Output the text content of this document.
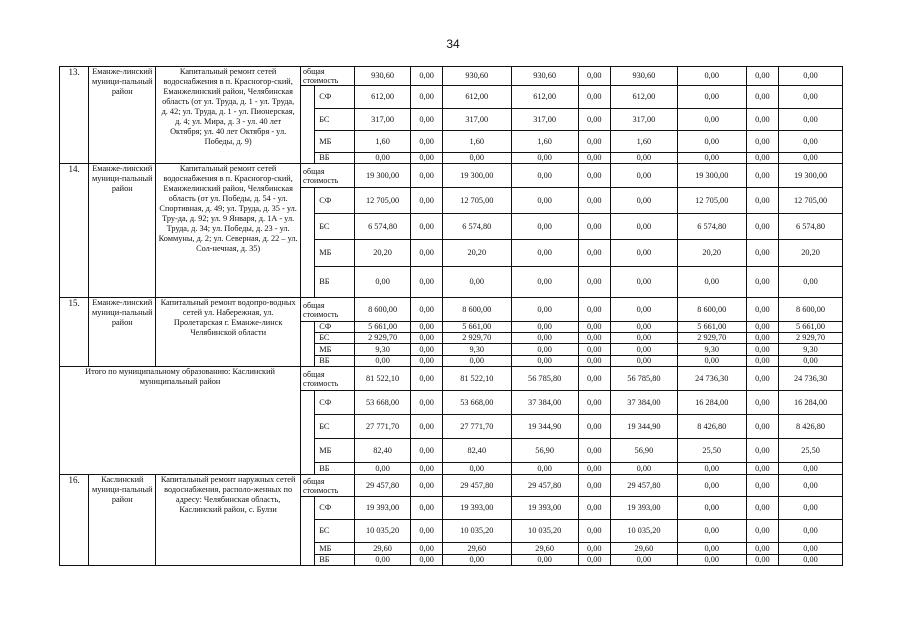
34
13.	Еманже-линский муници-пальный район	Капитальный ремонт сетей водоснабжения в п. Красногор-ский, Еманжелинский район, Челябинская область (от ул. Труда, д. 1 - ул. Труда, д. 42; ул. Труда, д. 1 - ул. Пионерская, д. 4; ул. Мира, д. 3 - ул. 40 лет Октября; ул. 40 лет Октября - ул. Победы, д. 9)	общая стоимость		930,60	0,00	930,60	930,60	0,00	930,60	0,00	0,00	0,00
	СФ	612,00	0,00	612,00	612,00	0,00	612,00	0,00	0,00	0,00
				БС	317,00	0,00	317,00	317,00	0,00	317,00	0,00	0,00	0,00
				МБ	1,60	0,00	1,60	1,60	0,00	1,60	0,00	0,00	0,00
				ВБ	0,00	0,00	0,00	0,00	0,00	0,00	0,00	0,00	0,00
14.	Еманже-линский муници-пальный район	Капитальный ремонт сетей водоснабжения в п. Красногор-ский, Еманжелинский район, Челябинская область (от ул. Победы, д. 54 - ул. Спортивная, д. 49; ул. Труда, д. 35 - ул. Тру-да, д. 92; ул. 9 Января, д. 1А - ул. Труда, д. 34; ул. Победы, д. 23 - ул. Коммуны, д. 2; ул. Северная, д. 22 – ул. Сол-нечная, д. 35)	общая стоимость		19 300,00	0,00	19 300,00	0,00	0,00	0,00	19 300,00	0,00	19 300,00
	СФ	12 705,00	0,00	12 705,00	0,00	0,00	0,00	12 705,00	0,00	12 705,00
				БС	6 574,80	0,00	6 574,80	0,00	0,00	0,00	6 574,80	0,00	6 574,80
				МБ	20,20	0,00	20,20	0,00	0,00	0,00	20,20	0,00	20,20
				ВБ	0,00	0,00	0,00	0,00	0,00	0,00	0,00	0,00	0,00
15.	Еманже-линский муници-пальный район	Капитальный ремонт водопро-водных сетей ул. Набережная, ул. Пролетарская г. Еманже-линск Челябинской области	общая стоимость		8 600,00	0,00	8 600,00	0,00	0,00	0,00	8 600,00	0,00	8 600,00
	СФ	5 661,00	0,00	5 661,00	0,00	0,00	0,00	5 661,00	0,00	5 661,00
				БС	2 929,70	0,00	2 929,70	0,00	0,00	0,00	2 929,70	0,00	2 929,70
				МБ	9,30	0,00	9,30	0,00	0,00	0,00	9,30	0,00	9,30
				ВБ	0,00	0,00	0,00	0,00	0,00	0,00	0,00	0,00	0,00
Итого по муниципальному образованию: Каслинский муниципальный район			общая стоимость		81 522,10	0,00	81 522,10	56 785,80	0,00	56 785,80	24 736,30	0,00	24 736,30
	СФ	53 668,00	0,00	53 668,00	37 384,00	0,00	37 384,00	16 284,00	0,00	16 284,00
				БС	27 771,70	0,00	27 771,70	19 344,90	0,00	19 344,90	8 426,80	0,00	8 426,80
				МБ	82,40	0,00	82,40	56,90	0,00	56,90	25,50	0,00	25,50
				ВБ	0,00	0,00	0,00	0,00	0,00	0,00	0,00	0,00	0,00
16.	Каслинский муници-пальный район	Капитальный ремонт наружных сетей водоснабжения, располо-женных по адресу: Челябинская область, Каслинский район, с. Булзи	общая стоимость		29 457,80	0,00	29 457,80	29 457,80	0,00	29 457,80	0,00	0,00	0,00
	СФ	19 393,00	0,00	19 393,00	19 393,00	0,00	19 393,00	0,00	0,00	0,00
				БС	10 035,20	0,00	10 035,20	10 035,20	0,00	10 035,20	0,00	0,00	0,00
				МБ	29,60	0,00	29,60	29,60	0,00	29,60	0,00	0,00	0,00
				ВБ	0,00	0,00	0,00	0,00	0,00	0,00	0,00	0,00	0,00
